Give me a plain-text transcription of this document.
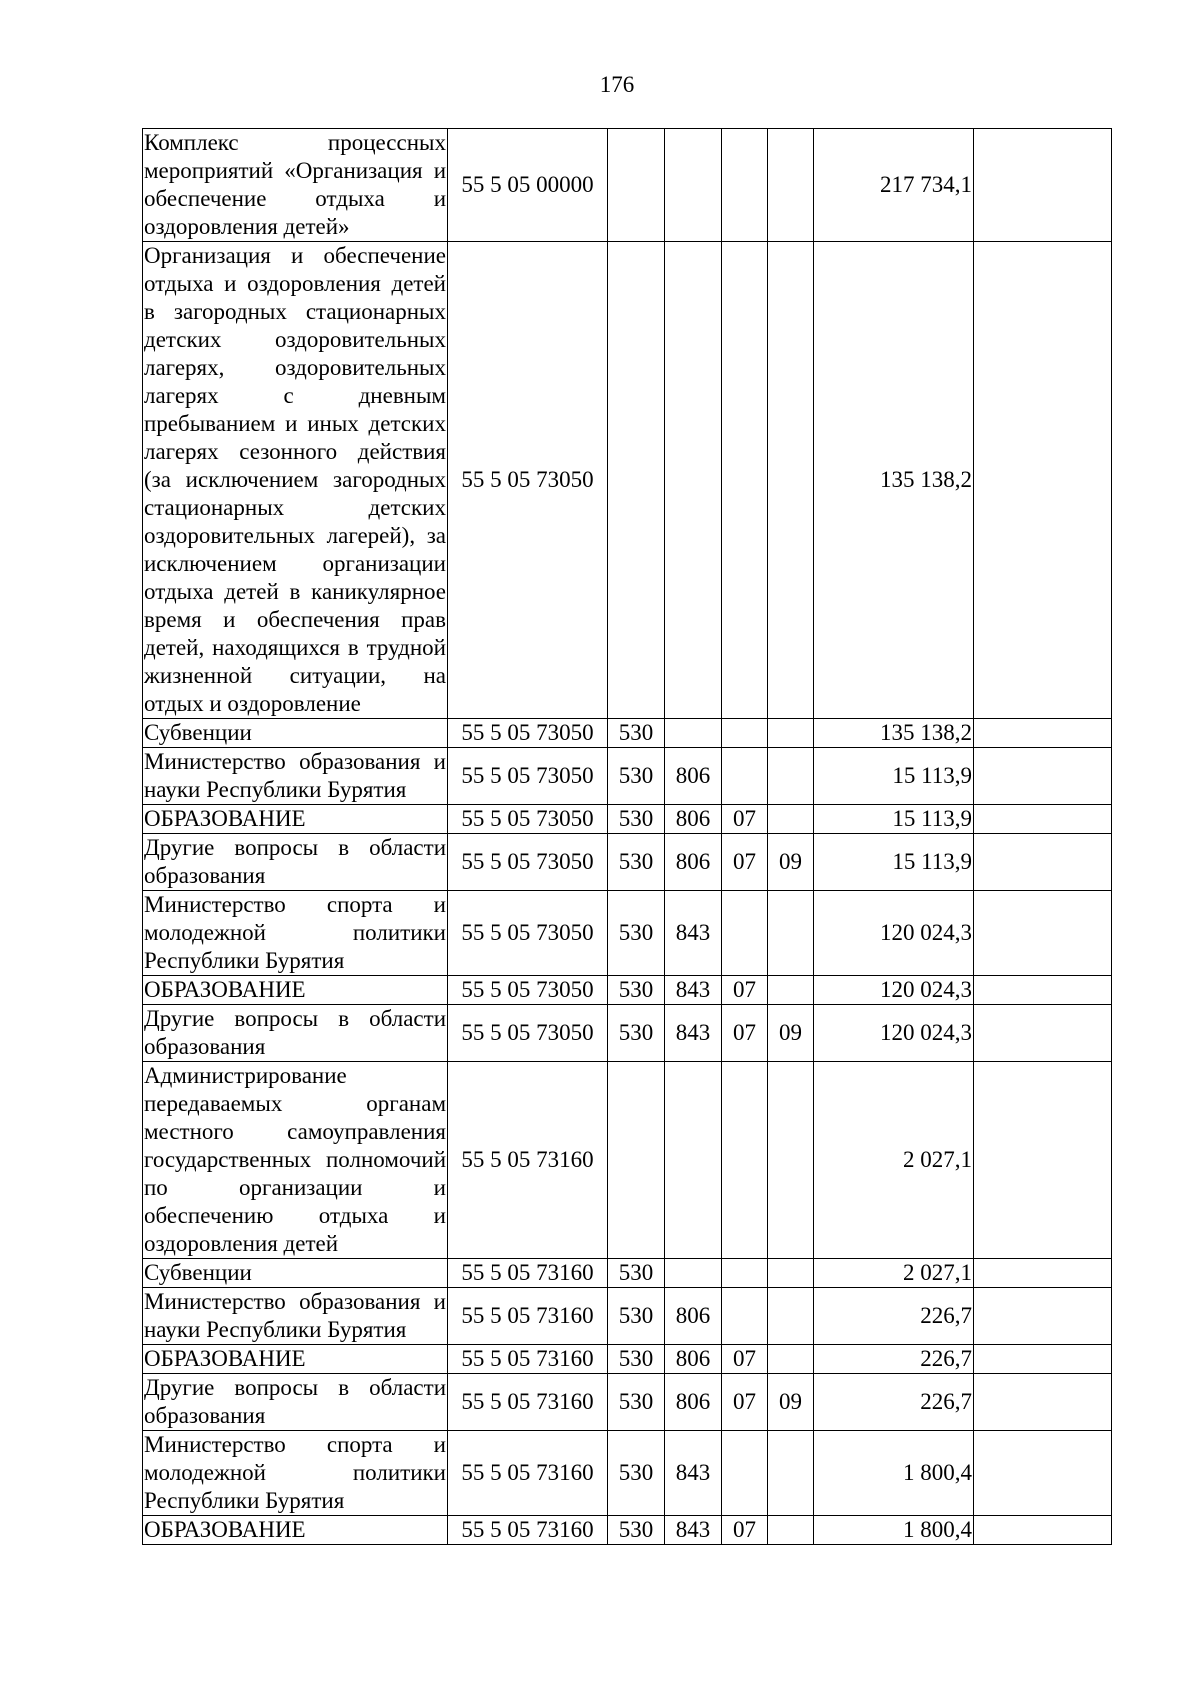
176
Комплекс процессных мероприятий «Организация и обеспечение отдыха и оздоровления детей»	55 5 05 00000					217 734,1	
Организация и обеспечение отдыха и оздоровления детей в загородных стационарных детских оздоровительных лагерях, оздоровительных лагерях с дневным пребыванием и иных детских лагерях сезонного действия (за исключением загородных стационарных детских оздоровительных лагерей), за исключением организации отдыха детей в каникулярное время и обеспечения прав детей, находящихся в трудной жизненной ситуации, на отдых и оздоровление	55 5 05 73050					135 138,2	
Субвенции	55 5 05 73050	530				135 138,2	
Министерство образования и науки Республики Бурятия	55 5 05 73050	530	806			15 113,9	
ОБРАЗОВАНИЕ	55 5 05 73050	530	806	07		15 113,9	
Другие вопросы в области образования	55 5 05 73050	530	806	07	09	15 113,9	
Министерство спорта и молодежной политики Республики Бурятия	55 5 05 73050	530	843			120 024,3	
ОБРАЗОВАНИЕ	55 5 05 73050	530	843	07		120 024,3	
Другие вопросы в области образования	55 5 05 73050	530	843	07	09	120 024,3	
Администрирование передаваемых органам местного самоуправления государственных полномочий по организации и обеспечению отдыха и оздоровления детей	55 5 05 73160					2 027,1	
Субвенции	55 5 05 73160	530				2 027,1	
Министерство образования и науки Республики Бурятия	55 5 05 73160	530	806			226,7	
ОБРАЗОВАНИЕ	55 5 05 73160	530	806	07		226,7	
Другие вопросы в области образования	55 5 05 73160	530	806	07	09	226,7	
Министерство спорта и молодежной политики Республики Бурятия	55 5 05 73160	530	843			1 800,4	
ОБРАЗОВАНИЕ	55 5 05 73160	530	843	07		1 800,4	
